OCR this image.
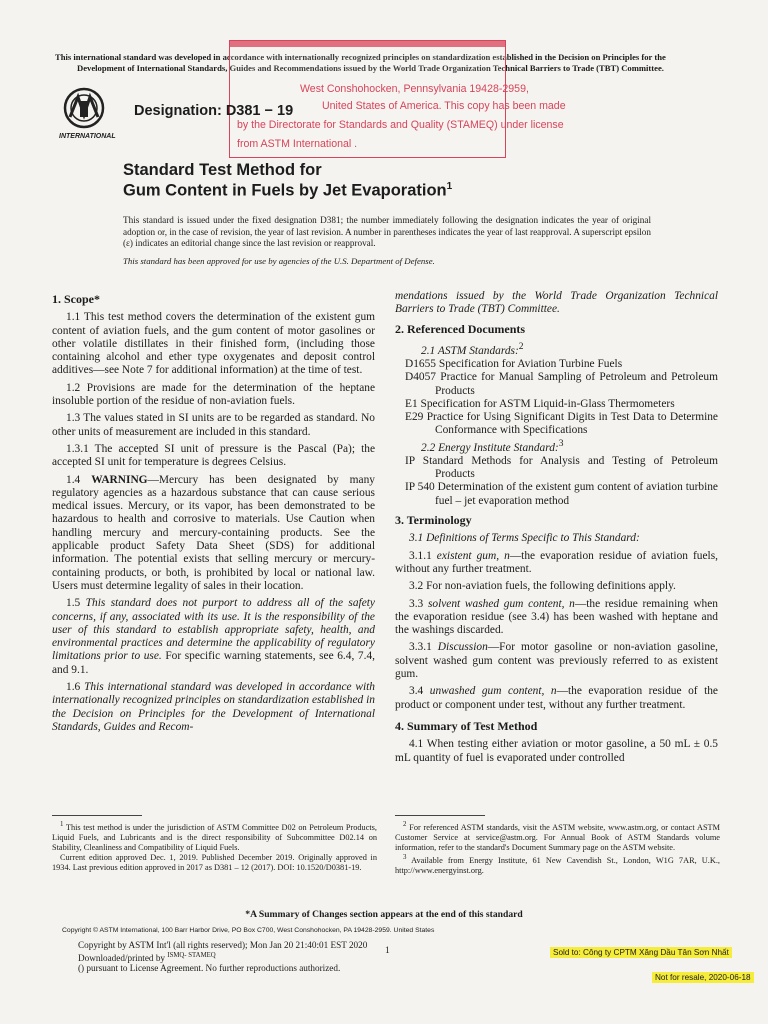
This international standard was developed in accordance with internationally recognized principles on standardization established in the Decision on Principles for the
Development of International Standards, Guides and Recommendations issued by the World Trade Organization Technical Barriers to Trade (TBT) Committee.
West Conshohocken, Pennsylvania 19428-2959,
United States of America. This copy has been made
by the Directorate for Standards and Quality (STAMEQ) under license
from ASTM International .
INTERNATIONAL
Designation: D381 − 19
Standard Test Method for
Gum Content in Fuels by Jet Evaporation$^1$
This standard is issued under the fixed designation D381; the number immediately following the designation indicates the year of original adoption or, in the case of revision, the year of last revision. A number in parentheses indicates the year of last reapproval. A superscript epsilon (ε) indicates an editorial change since the last revision or reapproval.
This standard has been approved for use by agencies of the U.S. Department of Defense.
1. Scope*

1.1 This test method covers the determination of the existent gum content of aviation fuels, and the gum content of motor gasolines or other volatile distillates in their finished form, (including those containing alcohol and ether type oxygenates and deposit control additives—see Note 7 for additional information) at the time of test.

1.2 Provisions are made for the determination of the heptane insoluble portion of the residue of non-aviation fuels.

1.3 The values stated in SI units are to be regarded as standard. No other units of measurement are included in this standard.

1.3.1 The accepted SI unit of pressure is the Pascal (Pa); the accepted SI unit for temperature is degrees Celsius.

1.4 WARNING—Mercury has been designated by many regulatory agencies as a hazardous substance that can cause serious medical issues. Mercury, or its vapor, has been demonstrated to be hazardous to health and corrosive to materials. Use Caution when handling mercury and mercury-containing products. See the applicable product Safety Data Sheet (SDS) for additional information. The potential exists that selling mercury or mercury-containing products, or both, is prohibited by local or national law. Users must determine legality of sales in their location.

1.5 This standard does not purport to address all of the safety concerns, if any, associated with its use. It is the responsibility of the user of this standard to establish appropriate safety, health, and environmental practices and determine the applicability of regulatory limitations prior to use. For specific warning statements, see 6.4, 7.4, and 9.1.

1.6 This international standard was developed in accordance with internationally recognized principles on standardization established in the Decision on Principles for the Development of International Standards, Guides and Recom-

mendations issued by the World Trade Organization Technical Barriers to Trade (TBT) Committee.

2. Referenced Documents

2.1 ASTM Standards:$^2$

D1655 Specification for Aviation Turbine Fuels

D4057 Practice for Manual Sampling of Petroleum and Petroleum Products

E1 Specification for ASTM Liquid-in-Glass Thermometers

E29 Practice for Using Significant Digits in Test Data to Determine Conformance with Specifications

2.2 Energy Institute Standard:$^3$

IP Standard Methods for Analysis and Testing of Petroleum Products

IP 540 Determination of the existent gum content of aviation turbine fuel – jet evaporation method

3. Terminology

3.1 Definitions of Terms Specific to This Standard:

3.1.1 existent gum, n—the evaporation residue of aviation fuels, without any further treatment.

3.2 For non-aviation fuels, the following definitions apply.

3.3 solvent washed gum content, n—the residue remaining when the evaporation residue (see 3.4) has been washed with heptane and the washings discarded.

3.3.1 Discussion—For motor gasoline or non-aviation gasoline, solvent washed gum content was previously referred to as existent gum.

3.4 unwashed gum content, n—the evaporation residue of the product or component under test, without any further treatment.

4. Summary of Test Method

4.1 When testing either aviation or motor gasoline, a 50 mL ± 0.5 mL quantity of fuel is evaporated under controlled

$^1$ This test method is under the jurisdiction of ASTM Committee D02 on Petroleum Products, Liquid Fuels, and Lubricants and is the direct responsibility of Subcommittee D02.14 on Stability, Cleanliness and Compatibility of Liquid Fuels.

Current edition approved Dec. 1, 2019. Published December 2019. Originally approved in 1934. Last previous edition approved in 2017 as D381 – 12 (2017). DOI: 10.1520/D0381-19.

$^2$ For referenced ASTM standards, visit the ASTM website, www.astm.org, or contact ASTM Customer Service at service@astm.org. For Annual Book of ASTM Standards volume information, refer to the standard's Document Summary page on the ASTM website.

$^3$ Available from Energy Institute, 61 New Cavendish St., London, W1G 7AR, U.K., http://www.energyinst.org.

*A Summary of Changes section appears at the end of this standard
Copyright © ASTM International, 100 Barr Harbor Drive, PO Box C700, West Conshohocken, PA 19428-2959. United States
Copyright by ASTM Int'l (all rights reserved); Mon Jan 20 21:40:01 EST 2020
Downloaded/printed by $^{ISMQ- STAMEQ}$
() pursuant to License Agreement. No further reproductions authorized.
1	Sold to: Công ty CPTM Xăng Dầu Tân Sơn Nhất
Not for resale, 2020-06-18
